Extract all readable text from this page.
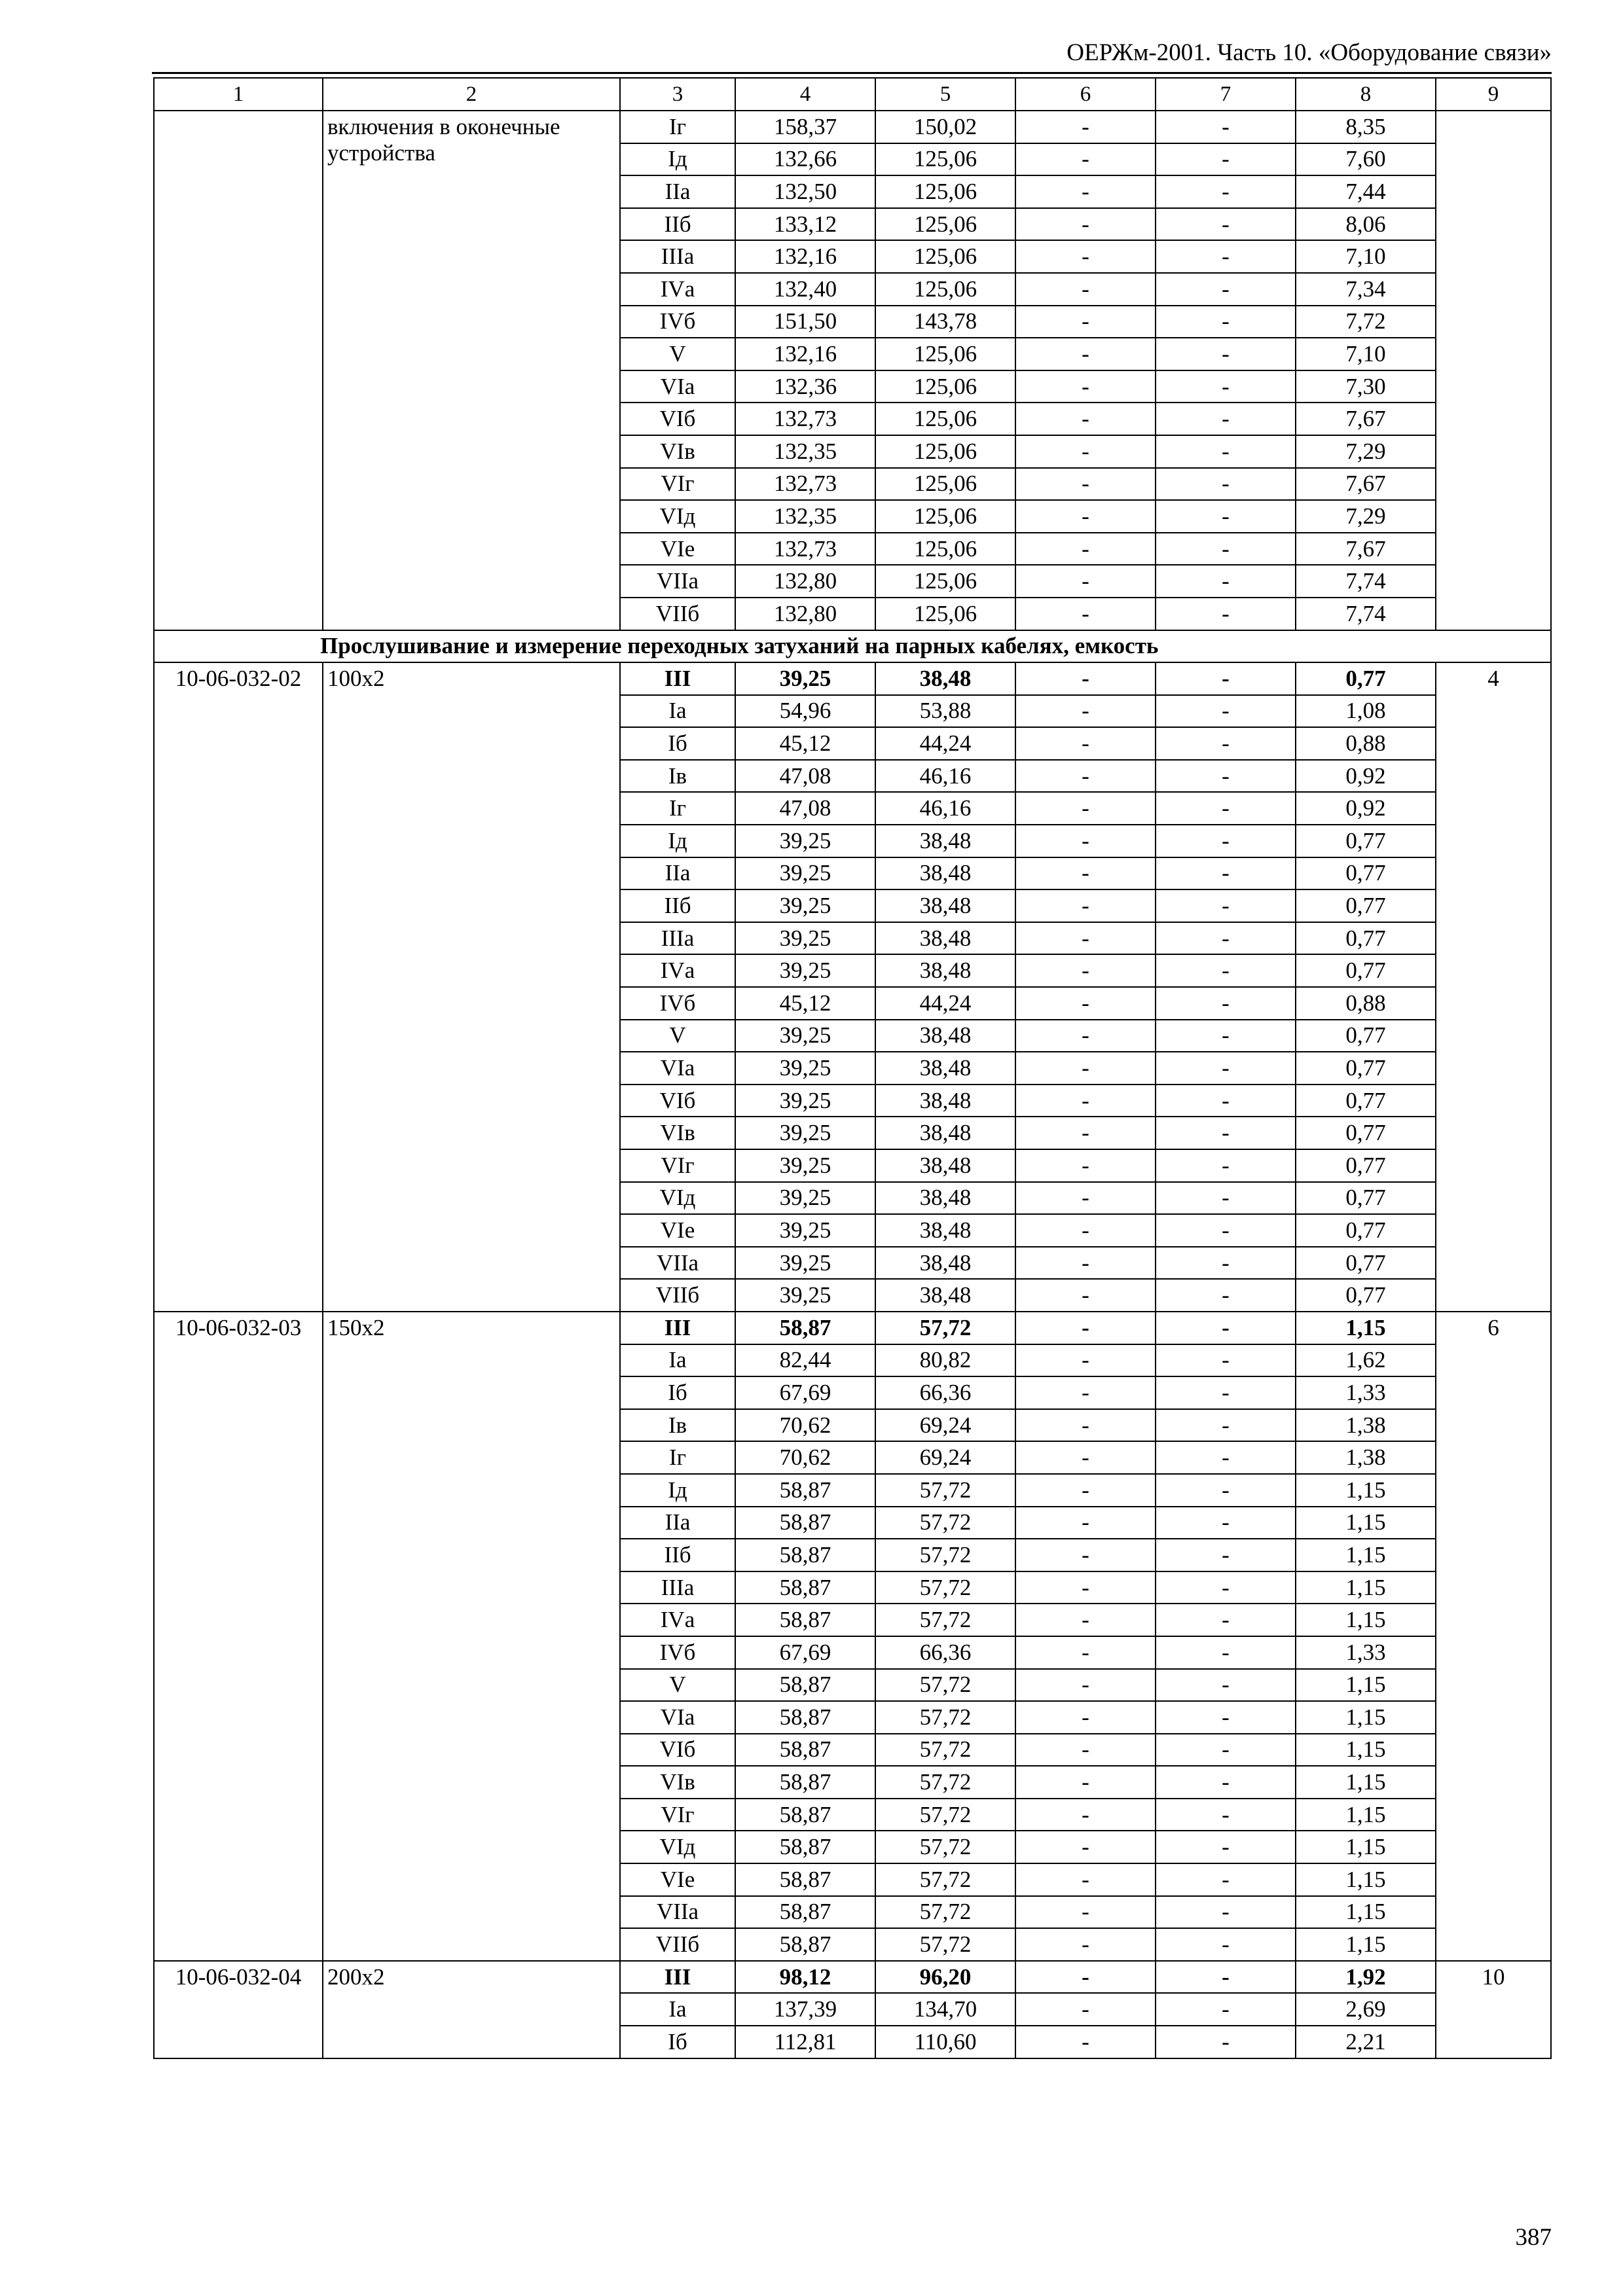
ОЕРЖм-2001. Часть 10. «Оборудование связи»
1	2	3	4	5	6	7	8	9
	включения в оконечные устройства	Iг	158,37	150,02	-	-	8,35	
		Iд	132,66	125,06	-	-	7,60	
		IIа	132,50	125,06	-	-	7,44	
		IIб	133,12	125,06	-	-	8,06	
		IIIа	132,16	125,06	-	-	7,10	
		IVа	132,40	125,06	-	-	7,34	
		IVб	151,50	143,78	-	-	7,72	
		V	132,16	125,06	-	-	7,10	
		VIа	132,36	125,06	-	-	7,30	
		VIб	132,73	125,06	-	-	7,67	
		VIв	132,35	125,06	-	-	7,29	
		VIг	132,73	125,06	-	-	7,67	
		VIд	132,35	125,06	-	-	7,29	
		VIе	132,73	125,06	-	-	7,67	
		VIIа	132,80	125,06	-	-	7,74	
		VIIб	132,80	125,06	-	-	7,74	
Прослушивание и измерение переходных затуханий на парных кабелях, емкость								
10-06-032-02	100х2	III	39,25	38,48	-	-	0,77	4
		Iа	54,96	53,88	-	-	1,08	
		Iб	45,12	44,24	-	-	0,88	
		Iв	47,08	46,16	-	-	0,92	
		Iг	47,08	46,16	-	-	0,92	
		Iд	39,25	38,48	-	-	0,77	
		IIа	39,25	38,48	-	-	0,77	
		IIб	39,25	38,48	-	-	0,77	
		IIIа	39,25	38,48	-	-	0,77	
		IVа	39,25	38,48	-	-	0,77	
		IVб	45,12	44,24	-	-	0,88	
		V	39,25	38,48	-	-	0,77	
		VIа	39,25	38,48	-	-	0,77	
		VIб	39,25	38,48	-	-	0,77	
		VIв	39,25	38,48	-	-	0,77	
		VIг	39,25	38,48	-	-	0,77	
		VIд	39,25	38,48	-	-	0,77	
		VIе	39,25	38,48	-	-	0,77	
		VIIа	39,25	38,48	-	-	0,77	
		VIIб	39,25	38,48	-	-	0,77	
10-06-032-03	150х2	III	58,87	57,72	-	-	1,15	6
		Iа	82,44	80,82	-	-	1,62	
		Iб	67,69	66,36	-	-	1,33	
		Iв	70,62	69,24	-	-	1,38	
		Iг	70,62	69,24	-	-	1,38	
		Iд	58,87	57,72	-	-	1,15	
		IIа	58,87	57,72	-	-	1,15	
		IIб	58,87	57,72	-	-	1,15	
		IIIа	58,87	57,72	-	-	1,15	
		IVа	58,87	57,72	-	-	1,15	
		IVб	67,69	66,36	-	-	1,33	
		V	58,87	57,72	-	-	1,15	
		VIа	58,87	57,72	-	-	1,15	
		VIб	58,87	57,72	-	-	1,15	
		VIв	58,87	57,72	-	-	1,15	
		VIг	58,87	57,72	-	-	1,15	
		VIд	58,87	57,72	-	-	1,15	
		VIе	58,87	57,72	-	-	1,15	
		VIIа	58,87	57,72	-	-	1,15	
		VIIб	58,87	57,72	-	-	1,15	
10-06-032-04	200х2	III	98,12	96,20	-	-	1,92	10
		Iа	137,39	134,70	-	-	2,69	
		Iб	112,81	110,60	-	-	2,21	
387
